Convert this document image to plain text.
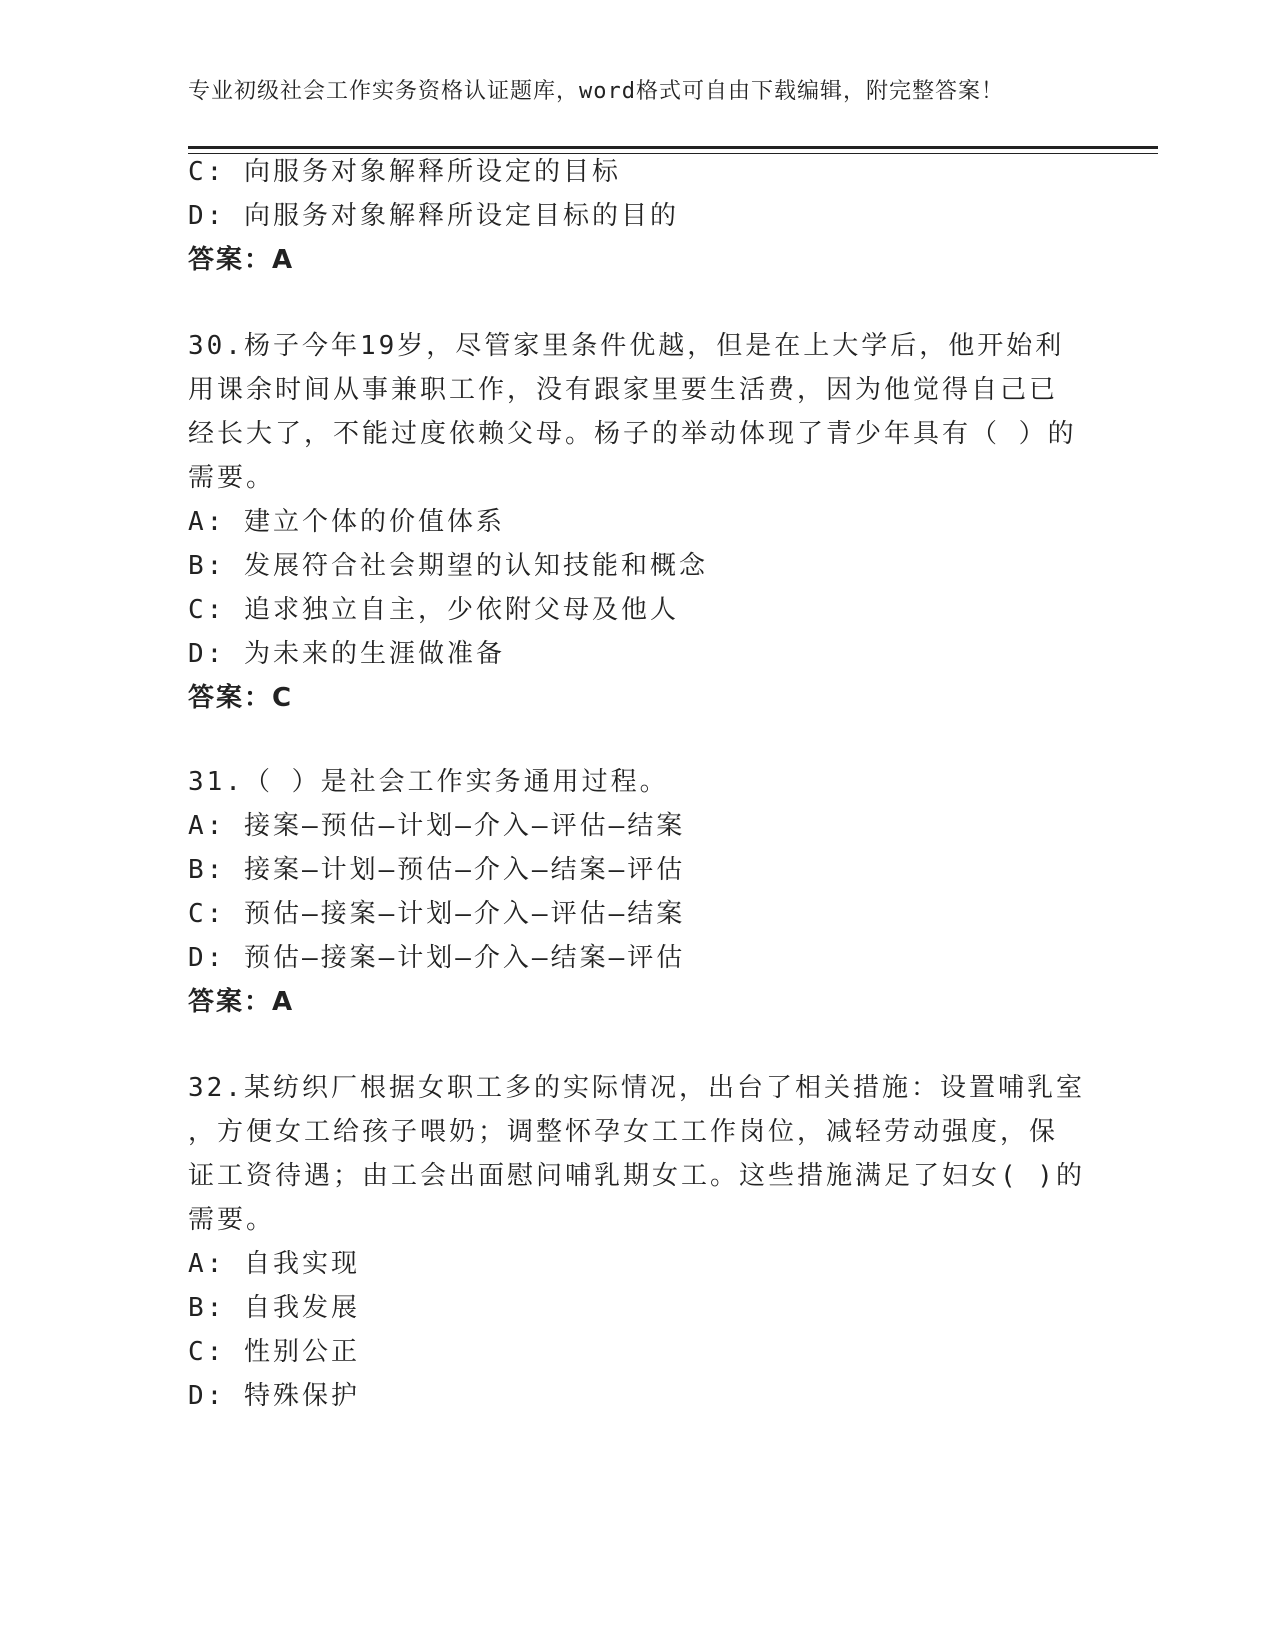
专业初级社会工作实务资格认证题库，word格式可自由下载编辑，附完整答案！
C: 向服务对象解释所设定的目标
D: 向服务对象解释所设定目标的目的
答案：A
30.杨子今年19岁，尽管家里条件优越，但是在上大学后，他开始利
用课余时间从事兼职工作，没有跟家里要生活费，因为他觉得自己已
经长大了，不能过度依赖父母。杨子的举动体现了青少年具有（ ）的
需要。
A: 建立个体的价值体系
B: 发展符合社会期望的认知技能和概念
C: 追求独立自主，少依附父母及他人
D: 为未来的生涯做准备
答案：C
31.（ ）是社会工作实务通用过程。
A: 接案—预估—计划—介入—评估—结案
B: 接案—计划—预估—介入—结案—评估
C: 预估—接案—计划—介入—评估—结案
D: 预估—接案—计划—介入—结案—评估
答案：A
32.某纺织厂根据女职工多的实际情况，出台了相关措施：设置哺乳室
，方便女工给孩子喂奶；调整怀孕女工工作岗位，减轻劳动强度，保
证工资待遇；由工会出面慰问哺乳期女工。这些措施满足了妇女( )的
需要。
A: 自我实现
B: 自我发展
C: 性别公正
D: 特殊保护
